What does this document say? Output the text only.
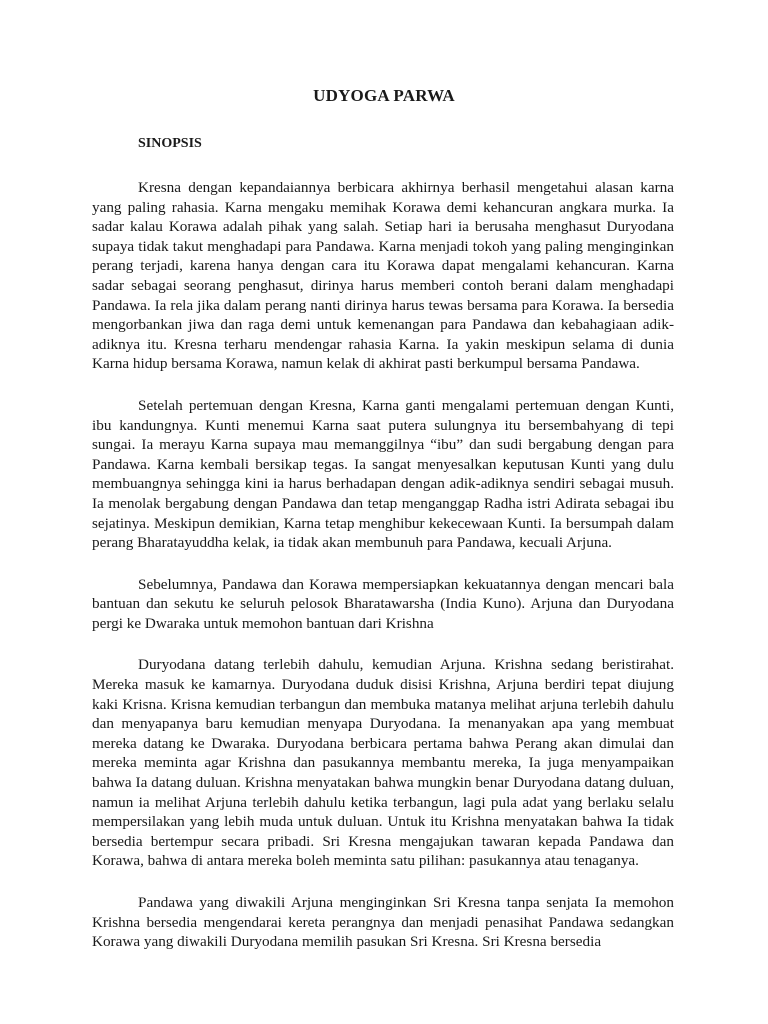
UDYOGA PARWA
SINOPSIS

Kresna dengan kepandaiannya berbicara akhirnya berhasil mengetahui alasan karna yang paling rahasia. Karna mengaku memihak Korawa demi kehancuran angkara murka. Ia sadar kalau Korawa adalah pihak yang salah. Setiap hari ia berusaha menghasut Duryodana supaya tidak takut menghadapi para Pandawa. Karna menjadi tokoh yang paling menginginkan perang terjadi, karena hanya dengan cara itu Korawa dapat mengalami kehancuran. Karna sadar sebagai seorang penghasut, dirinya harus memberi contoh berani dalam menghadapi Pandawa. Ia rela jika dalam perang nanti dirinya harus tewas bersama para Korawa. Ia bersedia mengorbankan jiwa dan raga demi untuk kemenangan para Pandawa dan kebahagiaan adik-adiknya itu. Kresna terharu mendengar rahasia Karna. Ia yakin meskipun selama di dunia Karna hidup bersama Korawa, namun kelak di akhirat pasti berkumpul bersama Pandawa.

Setelah pertemuan dengan Kresna, Karna ganti mengalami pertemuan dengan Kunti, ibu kandungnya. Kunti menemui Karna saat putera sulungnya itu bersembahyang di tepi sungai. Ia merayu Karna supaya mau memanggilnya “ibu” dan sudi bergabung dengan para Pandawa. Karna kembali bersikap tegas. Ia sangat menyesalkan keputusan Kunti yang dulu membuangnya sehingga kini ia harus berhadapan dengan adik-adiknya sendiri sebagai musuh. Ia menolak bergabung dengan Pandawa dan tetap menganggap Radha istri Adirata sebagai ibu sejatinya. Meskipun demikian, Karna tetap menghibur kekecewaan Kunti. Ia bersumpah dalam perang Bharatayuddha kelak, ia tidak akan membunuh para Pandawa, kecuali Arjuna.

Sebelumnya, Pandawa dan Korawa mempersiapkan kekuatannya dengan mencari bala bantuan dan sekutu ke seluruh pelosok Bharatawarsha (India Kuno). Arjuna dan Duryodana pergi ke Dwaraka untuk memohon bantuan dari Krishna

Duryodana datang terlebih dahulu, kemudian Arjuna. Krishna sedang beristirahat. Mereka masuk ke kamarnya. Duryodana duduk disisi Krishna, Arjuna berdiri tepat diujung kaki Krisna. Krisna kemudian terbangun dan membuka matanya melihat arjuna terlebih dahulu dan menyapanya baru kemudian menyapa Duryodana. Ia menanyakan apa yang membuat mereka datang ke Dwaraka. Duryodana berbicara pertama bahwa Perang akan dimulai dan mereka meminta agar Krishna dan pasukannya membantu mereka, Ia juga menyampaikan bahwa Ia datang duluan. Krishna menyatakan bahwa mungkin benar Duryodana datang duluan, namun ia melihat Arjuna terlebih dahulu ketika terbangun, lagi pula adat yang berlaku selalu mempersilakan yang lebih muda untuk duluan. Untuk itu Krishna menyatakan bahwa Ia tidak bersedia bertempur secara pribadi. Sri Kresna mengajukan tawaran kepada Pandawa dan Korawa, bahwa di antara mereka boleh meminta satu pilihan: pasukannya atau tenaganya.

Pandawa yang diwakili Arjuna menginginkan Sri Kresna tanpa senjata Ia memohon Krishna bersedia mengendarai kereta perangnya dan menjadi penasihat Pandawa sedangkan Korawa yang diwakili Duryodana memilih pasukan Sri Kresna. Sri Kresna bersedia
